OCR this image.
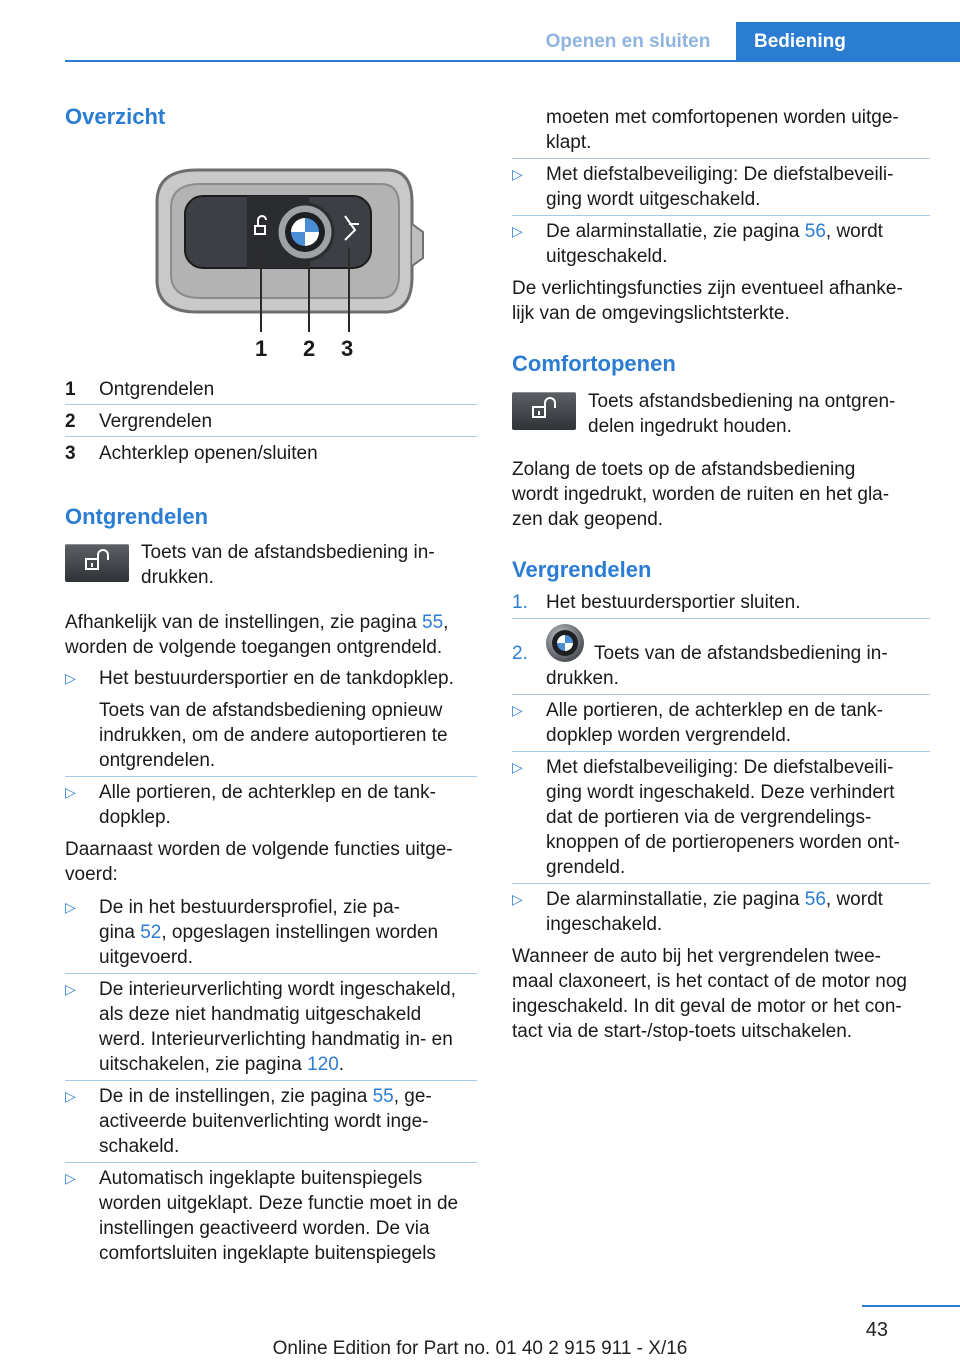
Openen en sluiten	Bediening
Overzicht
1 2 3
1	Ontgrendelen
2	Vergrendelen
3	Achterklep openen/sluiten
Ontgrendelen

Toets van de afstandsbediening in-

drukken.

Afhankelijk van de instellingen, zie pagina 55,

worden de volgende toegangen ontgrendeld.

▷ Het bestuurdersportier en de tankdopklep.

Toets van de afstandsbediening opnieuw

indrukken, om de andere autoportieren te

ontgrendelen.

▷ Alle portieren, de achterklep en de tank-

dopklep.

Daarnaast worden de volgende functies uitge-

voerd:

▷ De in het bestuurdersprofiel, zie pa-

gina 52, opgeslagen instellingen worden

uitgevoerd.

▷ De interieurverlichting wordt ingeschakeld,

als deze niet handmatig uitgeschakeld

werd. Interieurverlichting handmatig in- en

uitschakelen, zie pagina 120.

▷ De in de instellingen, zie pagina 55, ge-

activeerde buitenverlichting wordt inge-

schakeld.

▷ Automatisch ingeklapte buitenspiegels

worden uitgeklapt. Deze functie moet in de

instellingen geactiveerd worden. De via

comfortsluiten ingeklapte buitenspiegels

moeten met comfortopenen worden uitge-

klapt.

▷ Met diefstalbeveiliging: De diefstalbeveili-

ging wordt uitgeschakeld.

▷ De alarminstallatie, zie pagina 56, wordt

uitgeschakeld.

De verlichtingsfuncties zijn eventueel afhanke-

lijk van de omgevingslichtsterkte.

Comfortopenen

Toets afstandsbediening na ontgren-

delen ingedrukt houden.

Zolang de toets op de afstandsbediening

wordt ingedrukt, worden de ruiten en het gla-

zen dak geopend.

Vergrendelen
1. Het bestuurdersportier sluiten.
2.	Toets van de afstandsbediening in-

drukken.

▷ Alle portieren, de achterklep en de tank-

dopklep worden vergrendeld.

▷ Met diefstalbeveiliging: De diefstalbeveili-

ging wordt ingeschakeld. Deze verhindert

dat de portieren via de vergrendelings-

knoppen of de portieropeners worden ont-

grendeld.

▷ De alarminstallatie, zie pagina 56, wordt

ingeschakeld.

Wanneer de auto bij het vergrendelen twee-

maal claxoneert, is het contact of de motor nog

ingeschakeld. In dit geval de motor or het con-

tact via de start-/stop-toets uitschakelen.

43
Online Edition for Part no. 01 40 2 915 911 - X/16
